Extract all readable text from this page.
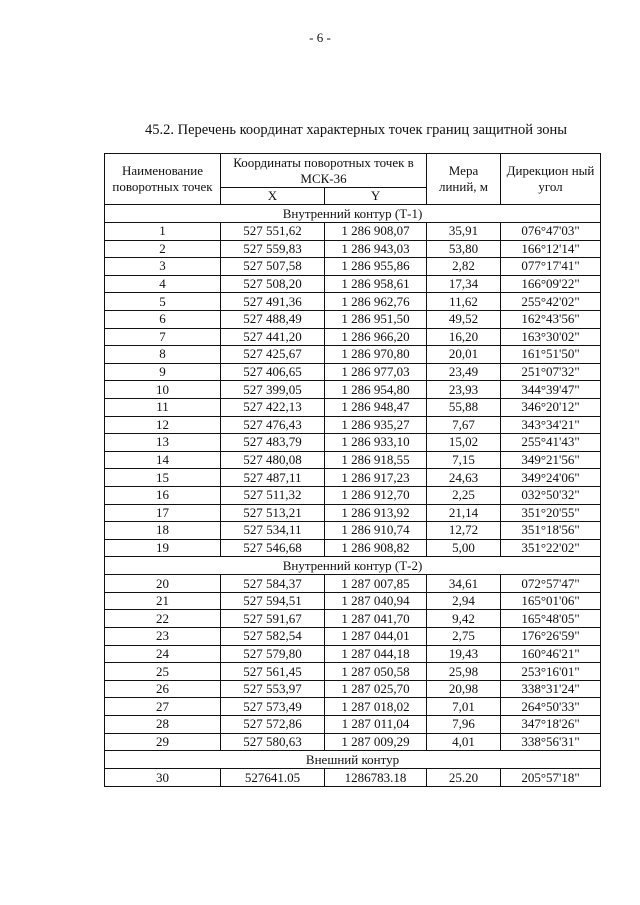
- 6 -
45.2. Перечень координат характерных точек границ защитной зоны
Наименование поворотных точек	Координаты поворотных точек в МСК-36		Мера линий, м	Дирекцион ный угол
	X	Y		
Внутренний контур (Т-1)				
1	527 551,62	1 286 908,07	35,91	076°47'03"
2	527 559,83	1 286 943,03	53,80	166°12'14"
3	527 507,58	1 286 955,86	2,82	077°17'41"
4	527 508,20	1 286 958,61	17,34	166°09'22"
5	527 491,36	1 286 962,76	11,62	255°42'02"
6	527 488,49	1 286 951,50	49,52	162°43'56"
7	527 441,20	1 286 966,20	16,20	163°30'02"
8	527 425,67	1 286 970,80	20,01	161°51'50"
9	527 406,65	1 286 977,03	23,49	251°07'32"
10	527 399,05	1 286 954,80	23,93	344°39'47"
11	527 422,13	1 286 948,47	55,88	346°20'12"
12	527 476,43	1 286 935,27	7,67	343°34'21"
13	527 483,79	1 286 933,10	15,02	255°41'43"
14	527 480,08	1 286 918,55	7,15	349°21'56"
15	527 487,11	1 286 917,23	24,63	349°24'06"
16	527 511,32	1 286 912,70	2,25	032°50'32"
17	527 513,21	1 286 913,92	21,14	351°20'55"
18	527 534,11	1 286 910,74	12,72	351°18'56"
19	527 546,68	1 286 908,82	5,00	351°22'02"
Внутренний контур (Т-2)				
20	527 584,37	1 287 007,85	34,61	072°57'47"
21	527 594,51	1 287 040,94	2,94	165°01'06"
22	527 591,67	1 287 041,70	9,42	165°48'05"
23	527 582,54	1 287 044,01	2,75	176°26'59"
24	527 579,80	1 287 044,18	19,43	160°46'21"
25	527 561,45	1 287 050,58	25,98	253°16'01"
26	527 553,97	1 287 025,70	20,98	338°31'24"
27	527 573,49	1 287 018,02	7,01	264°50'33"
28	527 572,86	1 287 011,04	7,96	347°18'26"
29	527 580,63	1 287 009,29	4,01	338°56'31"
Внешний контур				
30	527641.05	1286783.18	25.20	205°57'18"
